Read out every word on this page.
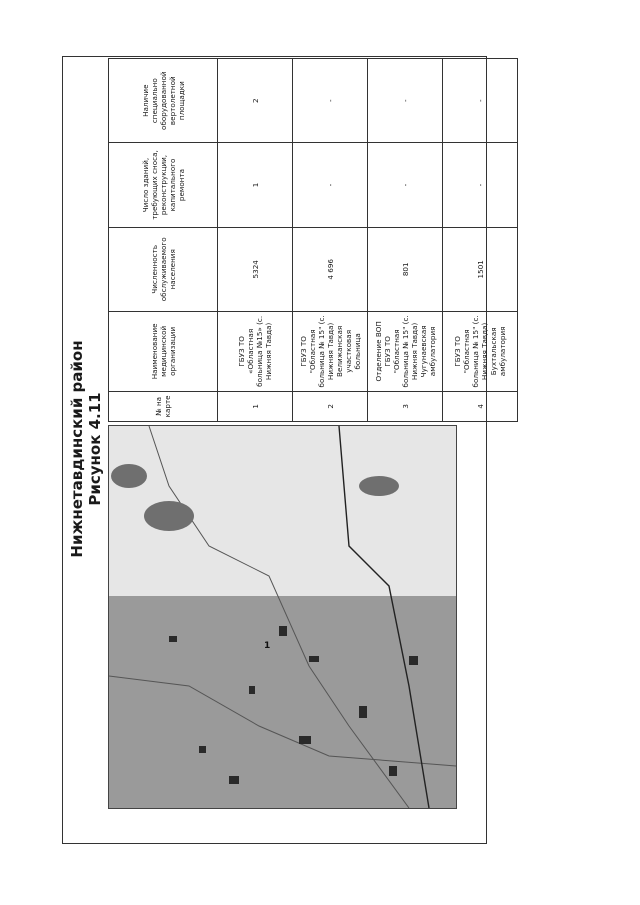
1
Нижнетавдинский район Рисунок 4.11	№ на карте	Наименование медицинской организации	Численность обслуживаемого населения	Число зданий, требующих сноса, реконструкции, капитального ремонта	Наличие специально оборудованной вертолетной площадки
1	ГБУЗ ТО «Областная больница №15» (с. Нижняя Тавда)	5324	1	2
2	ГБУЗ ТО "Областная больница № 15" (с. Нижняя Тавда) Велижанская участковая больница	4 696	-	-
3	Отделение ВОП ГБУЗ ТО "Областная больница № 15" (с. Нижняя Тавда) Чугунаевская амбулатория	801	-	-
4	ГБУЗ ТО "Областная больница № 15" (с. Нижняя Тавда) Бухтальская амбулатория	1501	-	-
